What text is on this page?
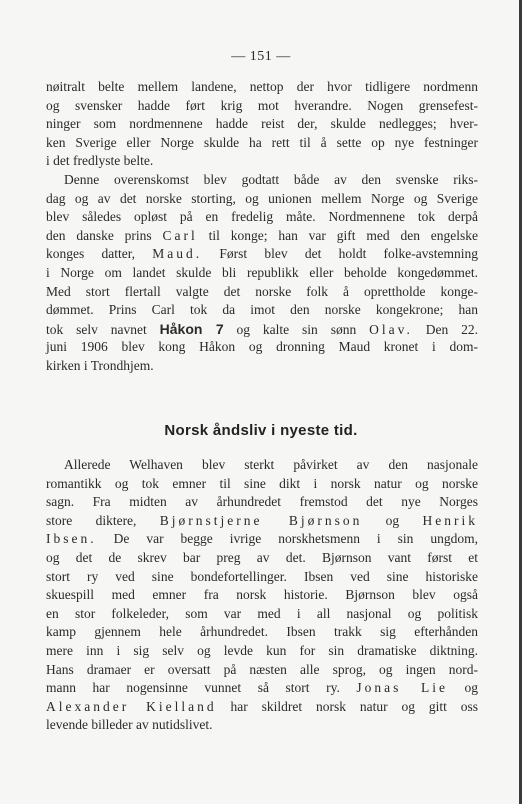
— 151 —
nøitralt belte mellem landene, nettop der hvor tidligere nordmenn
og svensker hadde ført krig mot hverandre. Nogen grensefest-
ninger som nordmennene hadde reist der, skulde nedlegges; hver-
ken Sverige eller Norge skulde ha rett til å sette op nye festninger
i det fredlyste belte.
Denne overenskomst blev godtatt både av den svenske riks-
dag og av det norske storting, og unionen mellem Norge og Sverige
blev således opløst på en fredelig måte. Nordmennene tok derpå
den danske prins Carl til konge; han var gift med den engelske
konges datter, Maud. Først blev det holdt folke-avstemning
i Norge om landet skulde bli republikk eller beholde kongedømmet.
Med stort flertall valgte det norske folk å oprettholde konge-
dømmet. Prins Carl tok da imot den norske kongekrone; han
tok selv navnet Håkon 7 og kalte sin sønn Olav. Den 22.
juni 1906 blev kong Håkon og dronning Maud kronet i dom-
kirken i Trondhjem.
Norsk åndsliv i nyeste tid.
Allerede Welhaven blev sterkt påvirket av den nasjonale
romantikk og tok emner til sine dikt i norsk natur og norske
sagn. Fra midten av århundredet fremstod det nye Norges
store diktere, Bjørnstjerne Bjørnson og Henrik
Ibsen. De var begge ivrige norskhetsmenn i sin ungdom,
og det de skrev bar preg av det. Bjørnson vant først et
stort ry ved sine bondefortellinger. Ibsen ved sine historiske
skuespill med emner fra norsk historie. Bjørnson blev også
en stor folkeleder, som var med i all nasjonal og politisk
kamp gjennem hele århundredet. Ibsen trakk sig efterhånden
mere inn i sig selv og levde kun for sin dramatiske diktning.
Hans dramaer er oversatt på næsten alle sprog, og ingen nord-
mann har nogensinne vunnet så stort ry. Jonas Lie og
Alexander Kielland har skildret norsk natur og gitt oss
levende billeder av nutidslivet.
